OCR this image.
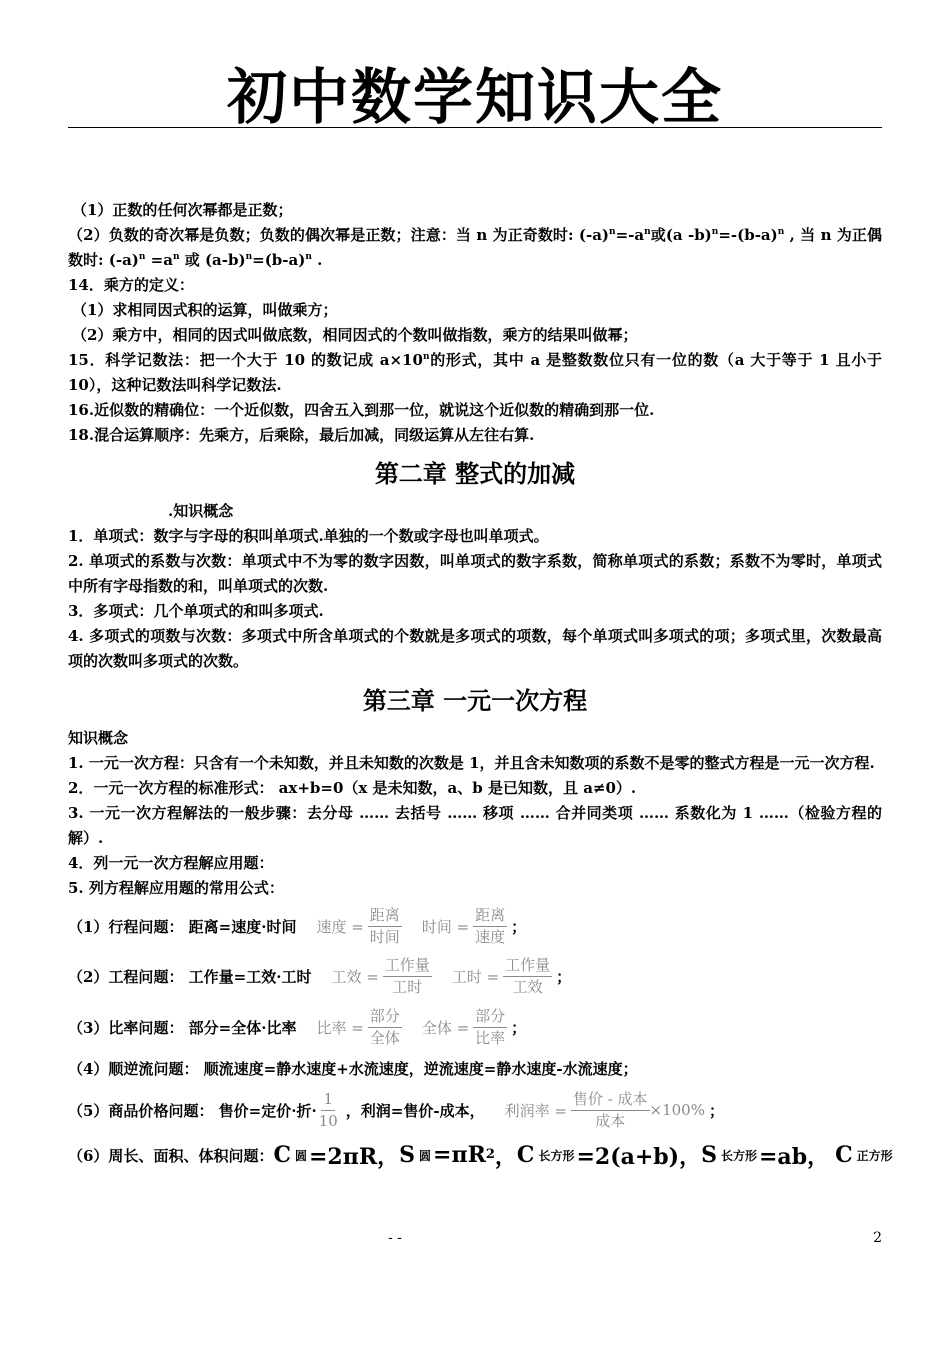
初中数学知识大全

（1）正数的任何次幂都是正数；

（2）负数的奇次幂是负数；负数的偶次幂是正数；注意：当 n 为正奇数时: $(-a)^n=-a^n$或(a $-b)^n=-(b-a)^n$ , 当 n 为正偶数时: $(-a)^n =a^n$ 或 $(a-b)^n=(b-a)^n$ .

14．乘方的定义：

（1）求相同因式积的运算，叫做乘方；

（2）乘方中，相同的因式叫做底数，相同因式的个数叫做指数，乘方的结果叫做幂；

15．科学记数法：把一个大于 10 的数记成 $a\times 10^n$的形式，其中 a 是整数数位只有一位的数（a 大于等于 1 且小于 10），这种记数法叫科学记数法.

16.近似数的精确位：一个近似数，四舍五入到那一位，就说这个近似数的精确到那一位.

18.混合运算顺序：先乘方，后乘除，最后加减，同级运算从左往右算.

第二章 整式的加减

.知识概念

1．单项式：数字与字母的积叫单项式.单独的一个数或字母也叫单项式。

2. 单项式的系数与次数：单项式中不为零的数字因数，叫单项式的数字系数，简称单项式的系数；系数不为零时，单项式中所有字母指数的和，叫单项式的次数.

3．多项式：几个单项式的和叫多项式.

4. 多项式的项数与次数：多项式中所含单项式的个数就是多项式的项数，每个单项式叫多项式的项；多项式里，次数最高项的次数叫多项式的次数。

第三章 一元一次方程

知识概念

1. 一元一次方程：只含有一个未知数，并且未知数的次数是 1，并且含未知数项的系数不是零的整式方程是一元一次方程.

2．一元一次方程的标准形式： ax+b=0（x 是未知数，a、b 是已知数，且 a≠0）.

3. 一元一次方程解法的一般步骤：去分母 …… 去括号 …… 移项 …… 合并同类项 …… 系数化为 1 ……（检验方程的解）.

4．列一元一次方程解应用题：

5. 列方程解应用题的常用公式：

（1）行程问题： 距离=速度·时间 速度 = $\frac{\text{距离}}{\text{时间}}$ 时间 = $\frac{\text{距离}}{\text{速度}}$ ；
（2）工程问题： 工作量=工效·工时 工效 = $\frac{\text{工作量}}{\text{工时}}$ 工时 = $\frac{\text{工作量}}{\text{工效}}$ ；
（3）比率问题： 部分=全体·比率 比率 = $\frac{\text{部分}}{\text{全体}}$ 全体 = $\frac{\text{部分}}{\text{比率}}$ ；
（4）顺逆流问题： 顺流速度=静水速度+水流速度，逆流速度=静水速度-水流速度；
（5）商品价格问题： 售价=定价·折· $\frac{1}{10}$ ，利润=售价-成本， 利润率 = $\frac{\text{售价 - 成本}}{\text{成本}} \times 100\%$ ；
（6）周长、面积、体积问题： C 圆 =2πR， S 圆 =πR 2 ， C 长方形 =2(a+b)， S 长方形 =ab， C 正方形
- -	2
